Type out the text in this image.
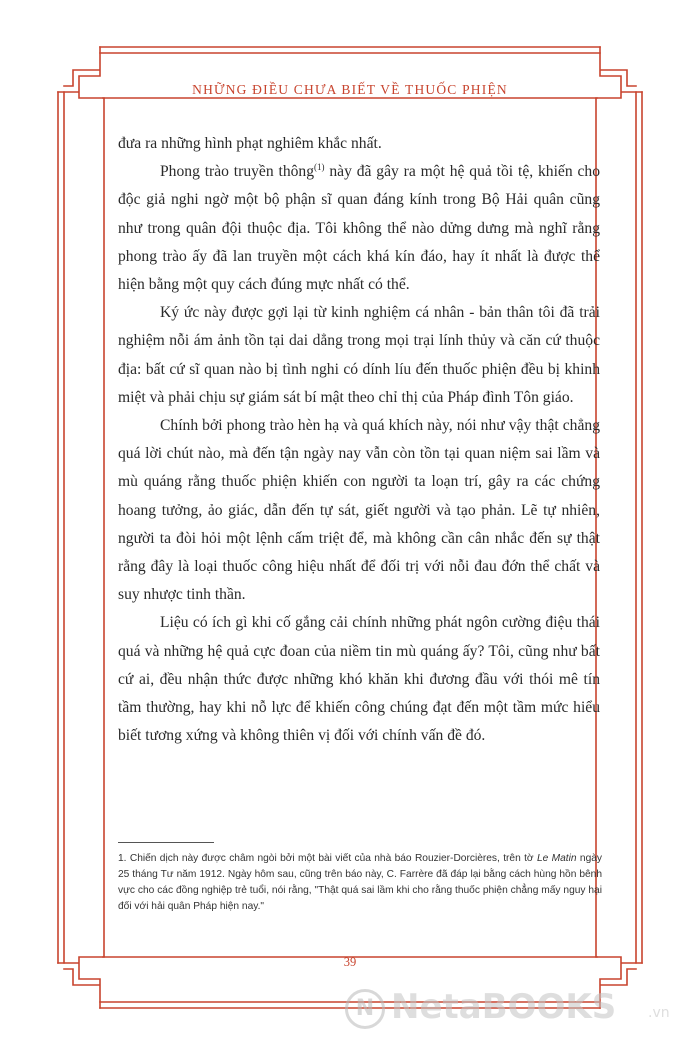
NHỮNG ĐIỀU CHƯA BIẾT VỀ THUỐC PHIỆN

đưa ra những hình phạt nghiêm khắc nhất.

Phong trào truyền thông$^{(1)}$ này đã gây ra một hệ quả tồi tệ, khiến cho độc giả nghi ngờ một bộ phận sĩ quan đáng kính trong Bộ Hải quân cũng như trong quân đội thuộc địa. Tôi không thể nào dửng dưng mà nghĩ rằng phong trào ấy đã lan truyền một cách khá kín đáo, hay ít nhất là được thể hiện bằng một quy cách đúng mực nhất có thể.

Ký ức này được gợi lại từ kinh nghiệm cá nhân - bản thân tôi đã trải nghiệm nỗi ám ảnh tồn tại dai dẳng trong mọi trại lính thủy và căn cứ thuộc địa: bất cứ sĩ quan nào bị tình nghi có dính líu đến thuốc phiện đều bị khinh miệt và phải chịu sự giám sát bí mật theo chỉ thị của Pháp đình Tôn giáo.

Chính bởi phong trào hèn hạ và quá khích này, nói như vậy thật chẳng quá lời chút nào, mà đến tận ngày nay vẫn còn tồn tại quan niệm sai lầm và mù quáng rằng thuốc phiện khiến con người ta loạn trí, gây ra các chứng hoang tưởng, ảo giác, dẫn đến tự sát, giết người và tạo phản. Lẽ tự nhiên, người ta đòi hỏi một lệnh cấm triệt để, mà không cần cân nhắc đến sự thật rằng đây là loại thuốc công hiệu nhất để đối trị với nỗi đau đớn thể chất và suy nhược tinh thần.

Liệu có ích gì khi cố gắng cải chính những phát ngôn cường điệu thái quá và những hệ quả cực đoan của niềm tin mù quáng ấy? Tôi, cũng như bất cứ ai, đều nhận thức được những khó khăn khi đương đầu với thói mê tín tầm thường, hay khi nỗ lực để khiến công chúng đạt đến một tầm mức hiểu biết tương xứng và không thiên vị đối với chính vấn đề đó.

1. Chiến dịch này được châm ngòi bởi một bài viết của nhà báo Rouzier-Dorcières, trên tờ Le Matin ngày 25 tháng Tư năm 1912. Ngày hôm sau, cũng trên báo này, C. Farrère đã đáp lại bằng cách hùng hồn bênh vực cho các đồng nghiệp trẻ tuổi, nói rằng, "Thật quá sai lầm khi cho rằng thuốc phiện chẳng mấy nguy hại đối với hải quân Pháp hiện nay."
39
N NetaBOOKS .vn
